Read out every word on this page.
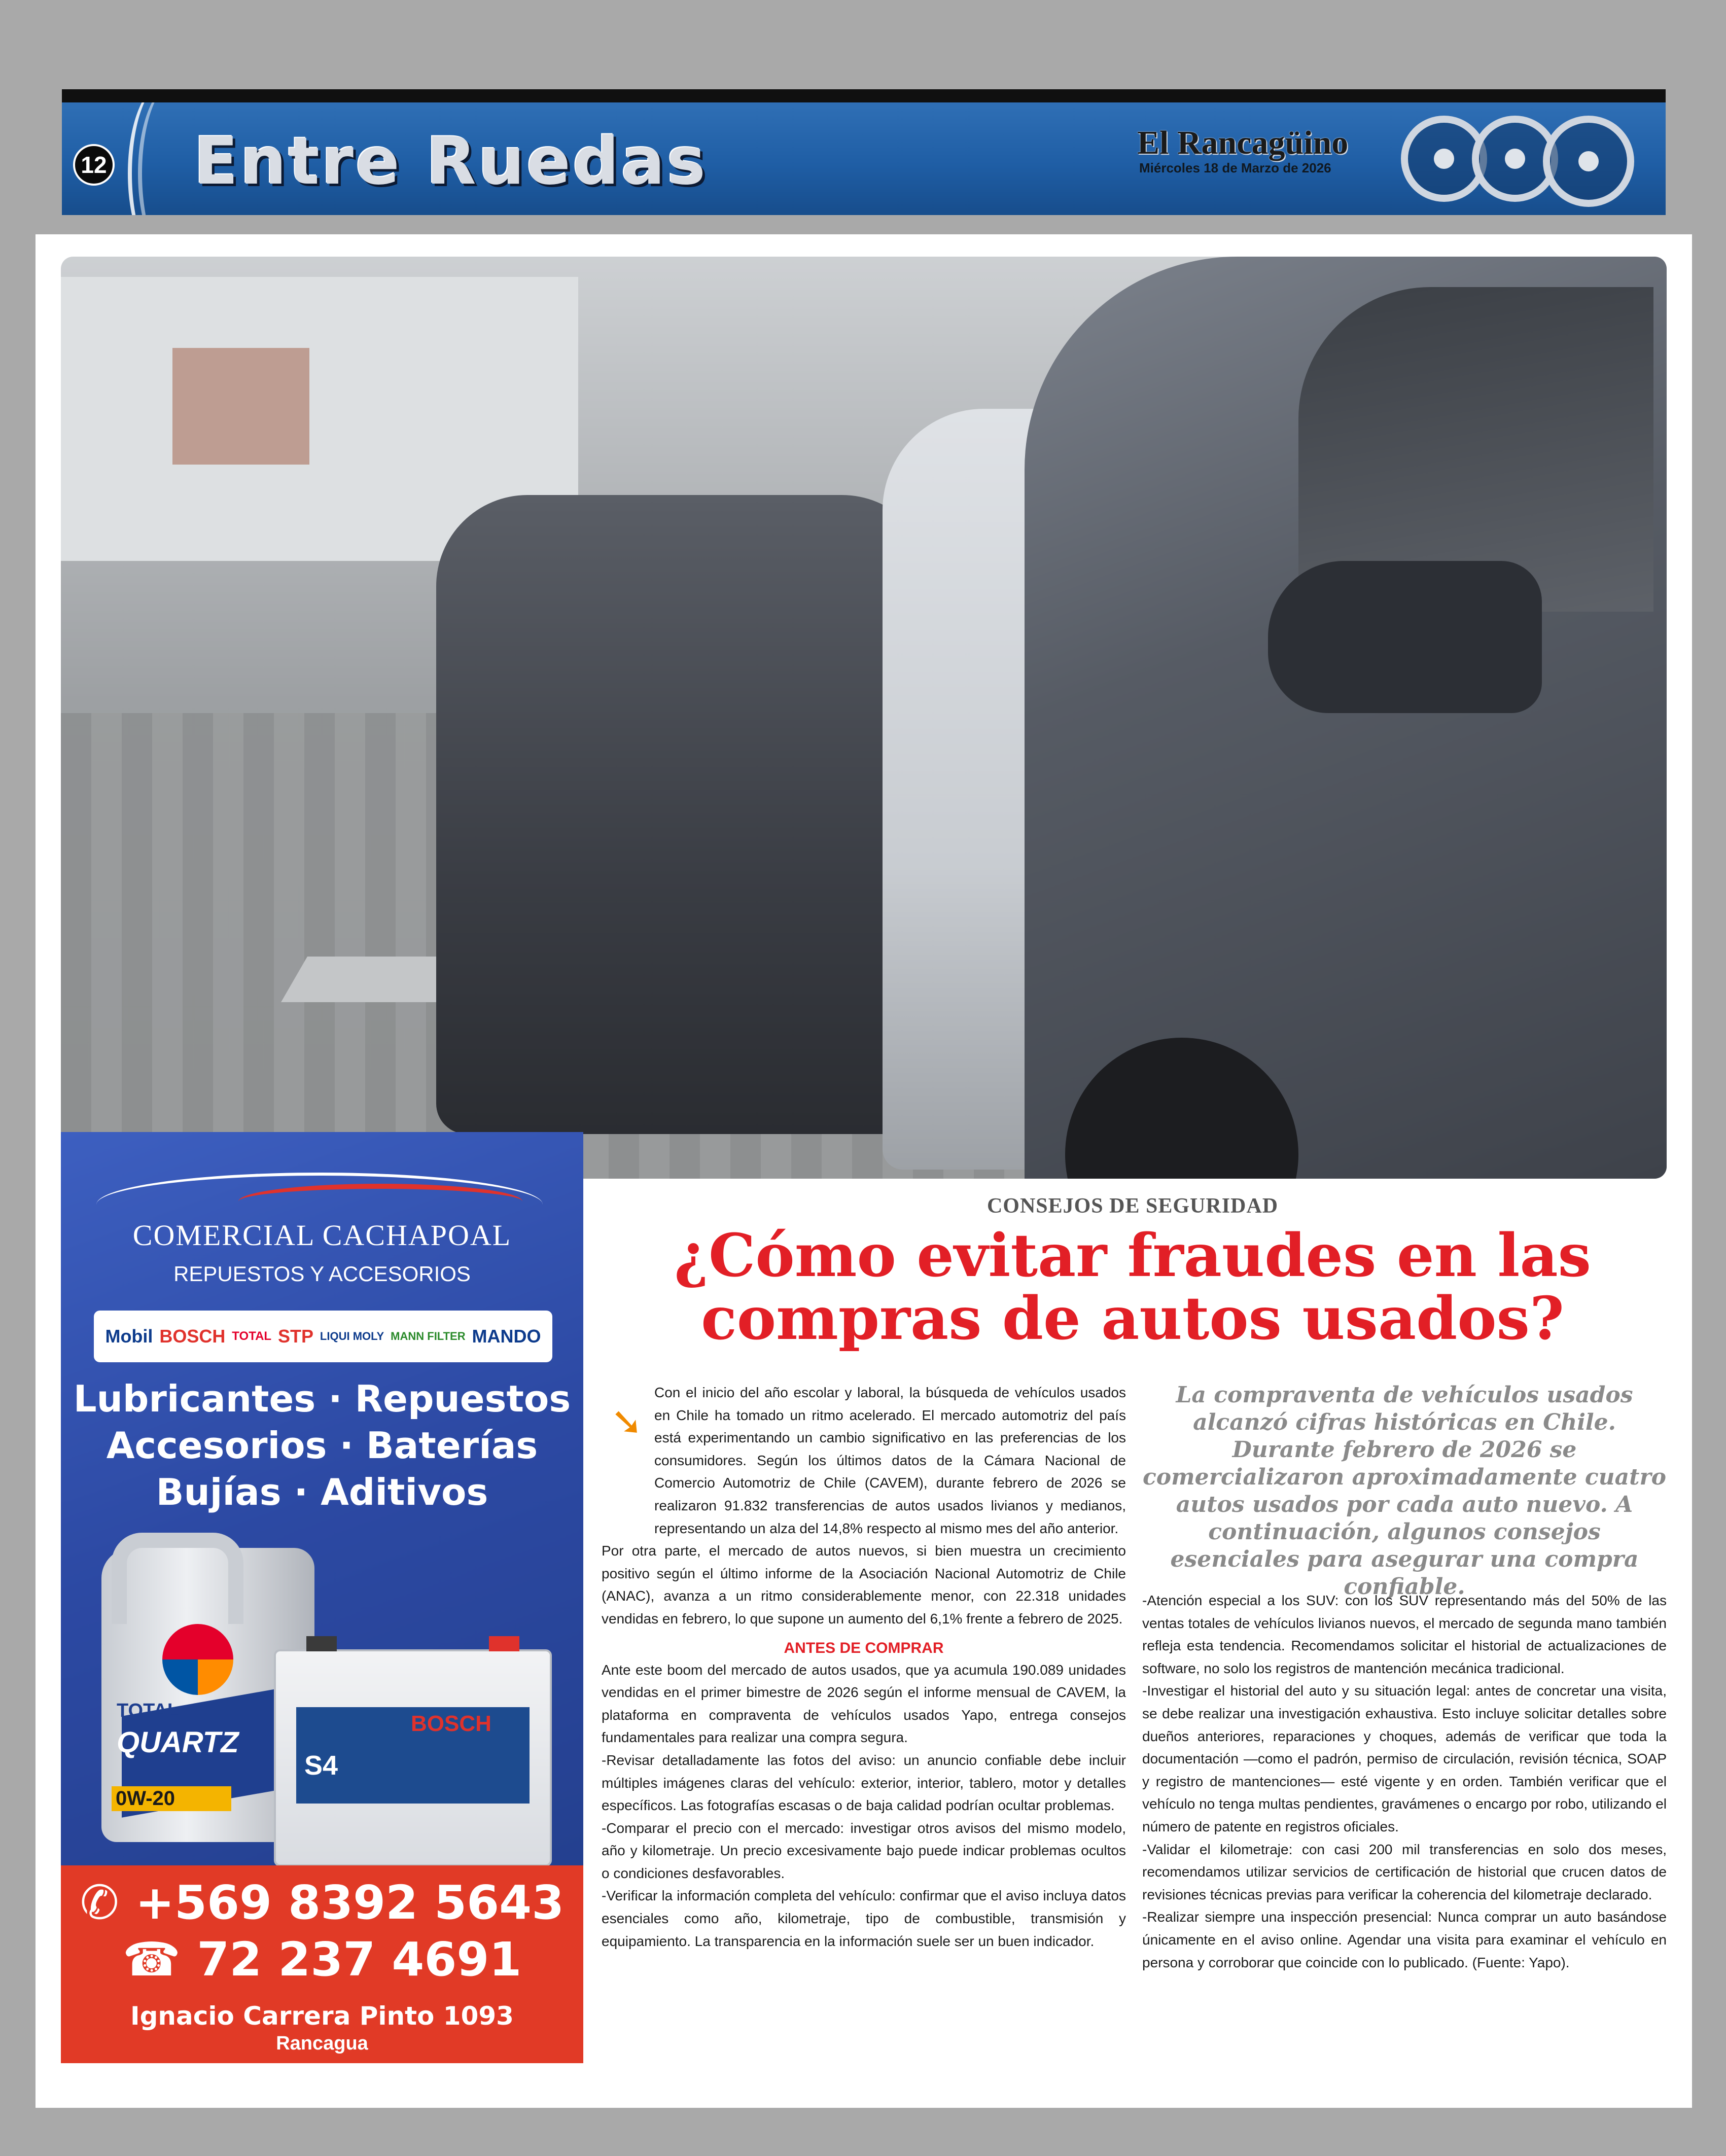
12 Entre Ruedas	El Rancagüino
Miércoles 18 de Marzo de 2026
COMERCIAL CACHAPOAL
REPUESTOS Y ACCESORIOS
Mobil BOSCH TOTAL STP LIQUI MOLY MANN FILTER MANDO
Lubricantes · Repuestos
Accesorios · Baterías
Bujías · Aditivos
TOTAL
QUARTZ
0W-20
BOSCH
S4
✆ +569 8392 5643
☎ 72 237 4691
Ignacio Carrera Pinto 1093
Rancagua
CONSEJOS DE SEGURIDAD
¿Cómo evitar fraudes en las compras de autos usados?
➘

Con el inicio del año escolar y laboral, la búsqueda de vehículos usados en Chile ha tomado un ritmo acelerado. El mercado automotriz del país está experimentando un cambio significativo en las preferencias de los consumidores. Según los últimos datos de la Cámara Nacional de Comercio Automotriz de Chile (CAVEM), durante febrero de 2026 se realizaron 91.832 transferencias de autos usados livianos y medianos, representando un alza del 14,8% respecto al mismo mes del año anterior.

Por otra parte, el mercado de autos nuevos, si bien muestra un crecimiento positivo según el último informe de la Asociación Nacional Automotriz de Chile (ANAC), avanza a un ritmo considerablemente menor, con 22.318 unidades vendidas en febrero, lo que supone un aumento del 6,1% frente a febrero de 2025.

ANTES DE COMPRAR

Ante este boom del mercado de autos usados, que ya acumula 190.089 unidades vendidas en el primer bimestre de 2026 según el informe mensual de CAVEM, la plataforma en compraventa de vehículos usados Yapo, entrega consejos fundamentales para realizar una compra segura.

-Revisar detalladamente las fotos del aviso: un anuncio confiable debe incluir múltiples imágenes claras del vehículo: exterior, interior, tablero, motor y detalles específicos. Las fotografías escasas o de baja calidad podrían ocultar problemas.

-Comparar el precio con el mercado: investigar otros avisos del mismo modelo, año y kilometraje. Un precio excesivamente bajo puede indicar problemas ocultos o condiciones desfavorables.

-Verificar la información completa del vehículo: confirmar que el aviso incluya datos esenciales como año, kilometraje, tipo de combustible, transmisión y equipamiento. La transparencia en la información suele ser un buen indicador.

La compraventa de vehículos usados alcanzó cifras históricas en Chile. Durante febrero de 2026 se comercializaron aproximadamente cuatro autos usados por cada auto nuevo. A continuación, algunos consejos esenciales para asegurar una compra confiable.

-Atención especial a los SUV: con los SUV representando más del 50% de las ventas totales de vehículos livianos nuevos, el mercado de segunda mano también refleja esta tendencia. Recomendamos solicitar el historial de actualizaciones de software, no solo los registros de mantención mecánica tradicional.

-Investigar el historial del auto y su situación legal: antes de concretar una visita, se debe realizar una investigación exhaustiva. Esto incluye solicitar detalles sobre dueños anteriores, reparaciones y choques, además de verificar que toda la documentación —como el padrón, permiso de circulación, revisión técnica, SOAP y registro de mantenciones— esté vigente y en orden. También verificar que el vehículo no tenga multas pendientes, gravámenes o encargo por robo, utilizando el número de patente en registros oficiales.

-Validar el kilometraje: con casi 200 mil transferencias en solo dos meses, recomendamos utilizar servicios de certificación de historial que crucen datos de revisiones técnicas previas para verificar la coherencia del kilometraje declarado.

-Realizar siempre una inspección presencial: Nunca comprar un auto basándose únicamente en el aviso online. Agendar una visita para examinar el vehículo en persona y corroborar que coincide con lo publicado. (Fuente: Yapo).
